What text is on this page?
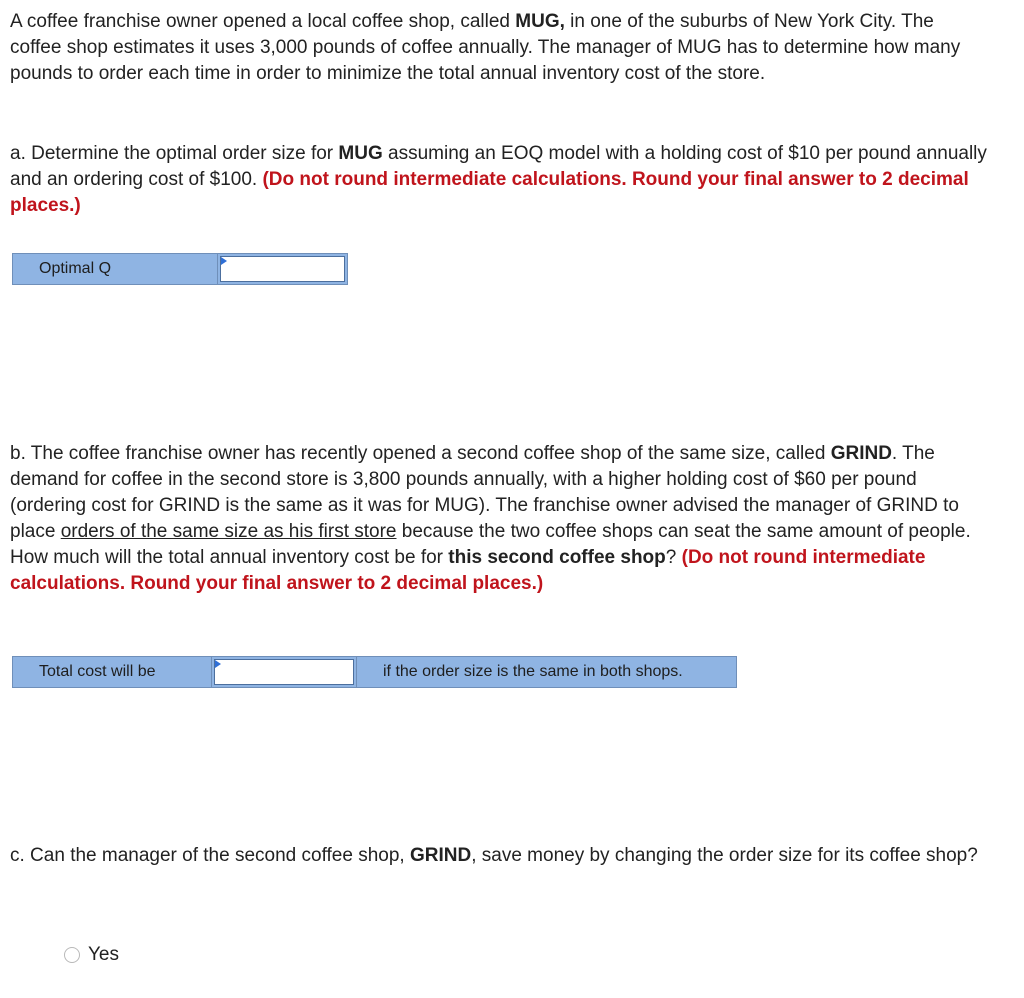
A coffee franchise owner opened a local coffee shop, called MUG, in one of the suburbs of New York City. The coffee shop estimates it uses 3,000 pounds of coffee annually. The manager of MUG has to determine how many pounds to order each time in order to minimize the total annual inventory cost of the store.

a. Determine the optimal order size for MUG assuming an EOQ model with a holding cost of $10 per pound annually and an ordering cost of $100. (Do not round intermediate calculations. Round your final answer to 2 decimal places.)

Optimal Q

b. The coffee franchise owner has recently opened a second coffee shop of the same size, called GRIND. The demand for coffee in the second store is 3,800 pounds annually, with a higher holding cost of $60 per pound (ordering cost for GRIND is the same as it was for MUG). The franchise owner advised the manager of GRIND to place orders of the same size as his first store because the two coffee shops can seat the same amount of people. How much will the total annual inventory cost be for this second coffee shop? (Do not round intermediate calculations. Round your final answer to 2 decimal places.)

Total cost will be	if the order size is the same in both shops.

c. Can the manager of the second coffee shop, GRIND, save money by changing the order size for its coffee shop?

Yes
